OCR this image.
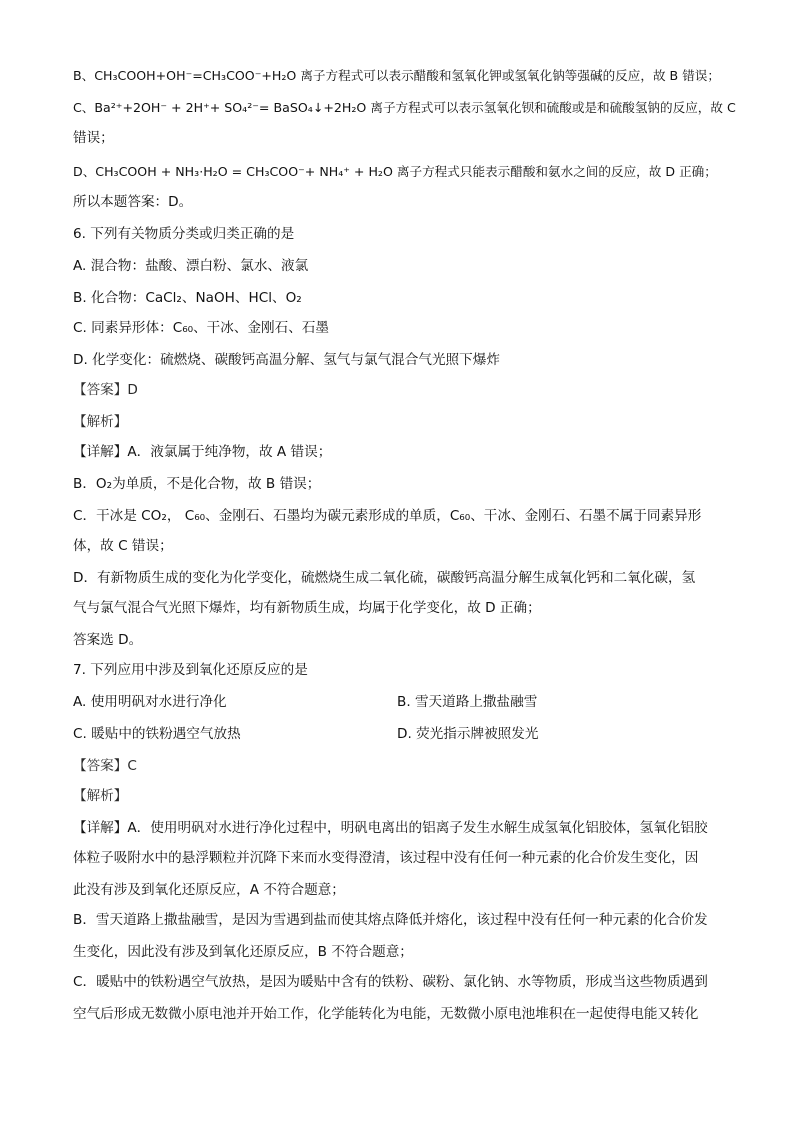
B、CH₃COOH+OH⁻=CH₃COO⁻+H₂O 离子方程式可以表示醋酸和氢氧化钾或氢氧化钠等强碱的反应，故 B 错误；
C、Ba²⁺+2OH⁻ + 2H⁺+ SO₄²⁻= BaSO₄↓+2H₂O 离子方程式可以表示氢氧化钡和硫酸或是和硫酸氢钠的反应，故 C
错误；
D、CH₃COOH + NH₃·H₂O = CH₃COO⁻+ NH₄⁺ + H₂O 离子方程式只能表示醋酸和氨水之间的反应，故 D 正确；
所以本题答案：D。
6. 下列有关物质分类或归类正确的是
A. 混合物：盐酸、漂白粉、氯水、液氯
B. 化合物：CaCl₂、NaOH、HCl、O₂
C. 同素异形体：C₆₀、干冰、金刚石、石墨
D. 化学变化：硫燃烧、碳酸钙高温分解、氢气与氯气混合气光照下爆炸
【答案】D
【解析】
【详解】A．液氯属于纯净物，故 A 错误；
B．O₂为单质，不是化合物，故 B 错误；
C．干冰是 CO₂， C₆₀、金刚石、石墨均为碳元素形成的单质，C₆₀、干冰、金刚石、石墨不属于同素异形
体，故 C 错误；
D．有新物质生成的变化为化学变化，硫燃烧生成二氧化硫，碳酸钙高温分解生成氧化钙和二氧化碳，氢
气与氯气混合气光照下爆炸，均有新物质生成，均属于化学变化，故 D 正确；
答案选 D。
7. 下列应用中涉及到氧化还原反应的是
A. 使用明矾对水进行净化	B. 雪天道路上撒盐融雪
C. 暖贴中的铁粉遇空气放热	D. 荧光指示牌被照发光
【答案】C
【解析】
【详解】A．使用明矾对水进行净化过程中，明矾电离出的铝离子发生水解生成氢氧化铝胶体，氢氧化铝胶
体粒子吸附水中的悬浮颗粒并沉降下来而水变得澄清，该过程中没有任何一种元素的化合价发生变化，因
此没有涉及到氧化还原反应，A 不符合题意；
B．雪天道路上撒盐融雪，是因为雪遇到盐而使其熔点降低并熔化，该过程中没有任何一种元素的化合价发
生变化，因此没有涉及到氧化还原反应，B 不符合题意；
C．暖贴中的铁粉遇空气放热，是因为暖贴中含有的铁粉、碳粉、氯化钠、水等物质，形成当这些物质遇到
空气后形成无数微小原电池并开始工作，化学能转化为电能，无数微小原电池堆积在一起使得电能又转化
